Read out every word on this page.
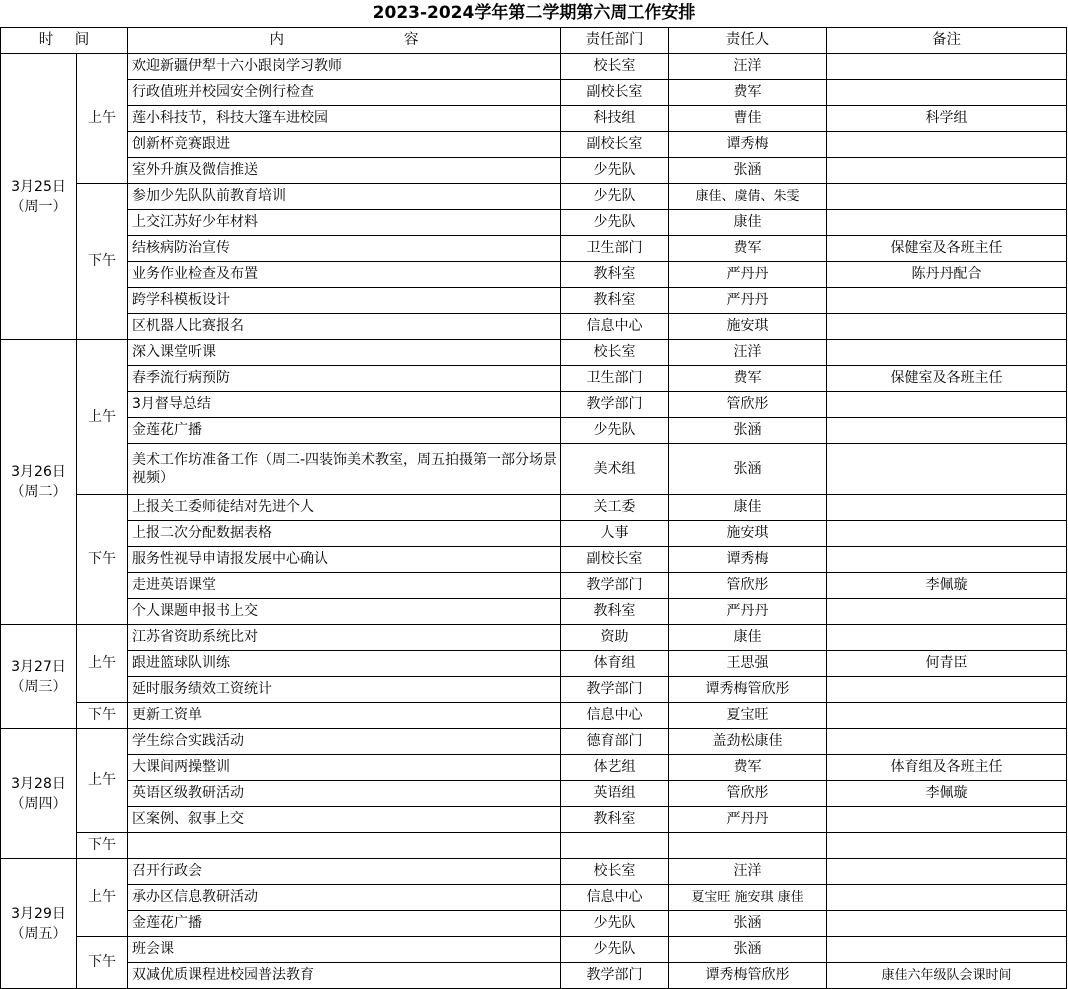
2023-2024学年第二学期第六周工作安排
时 间		内 容	责任部门	责任人	备注

3月25日
（周一）	上午	欢迎新疆伊犁十六小跟岗学习教师	校长室	汪洋	
		行政值班并校园安全例行检查	副校长室	费军	
		莲小科技节，科技大篷车进校园	科技组	曹佳	科学组
		创新杯竞赛跟进	副校长室	谭秀梅	
		室外升旗及微信推送	少先队	张涵	
	下午	参加少先队队前教育培训	少先队	康佳、虞倩、朱雯	
		上交江苏好少年材料	少先队	康佳	
		结核病防治宣传	卫生部门	费军	保健室及各班主任
		业务作业检查及布置	教科室	严丹丹	陈丹丹配合
		跨学科模板设计	教科室	严丹丹	
		区机器人比赛报名	信息中心	施安琪	

3月26日
（周二）	上午	深入课堂听课	校长室	汪洋	
		春季流行病预防	卫生部门	费军	保健室及各班主任
		3月督导总结	教学部门	管欣彤	
		金莲花广播	少先队	张涵	
		美术工作坊准备工作（周二-四装饰美术教室，周五拍摄第一部分场景视频）	美术组	张涵	
	下午	上报关工委师徒结对先进个人	关工委	康佳	
		上报二次分配数据表格	人事	施安琪	
		服务性视导申请报发展中心确认	副校长室	谭秀梅	
		走进英语课堂	教学部门	管欣彤	李佩璇
		个人课题申报书上交	教科室	严丹丹	

3月27日
（周三）	上午	江苏省资助系统比对	资助	康佳	
		跟进篮球队训练	体育组	王思强	何青臣
		延时服务绩效工资统计	教学部门	谭秀梅管欣彤	
	下午	更新工资单	信息中心	夏宝旺	

3月28日
（周四）	上午	学生综合实践活动	德育部门	盖劲松康佳	
		大课间两操整训	体艺组	费军	体育组及各班主任
		英语区级教研活动	英语组	管欣彤	李佩璇
		区案例、叙事上交	教科室	严丹丹	
	下午				

3月29日
（周五）	上午	召开行政会	校长室	汪洋	
		承办区信息教研活动	信息中心	夏宝旺 施安琪 康佳	
		金莲花广播	少先队	张涵	
	下午	班会课	少先队	张涵	
		双减优质课程进校园普法教育	教学部门	谭秀梅管欣彤	康佳六年级队会课时间
